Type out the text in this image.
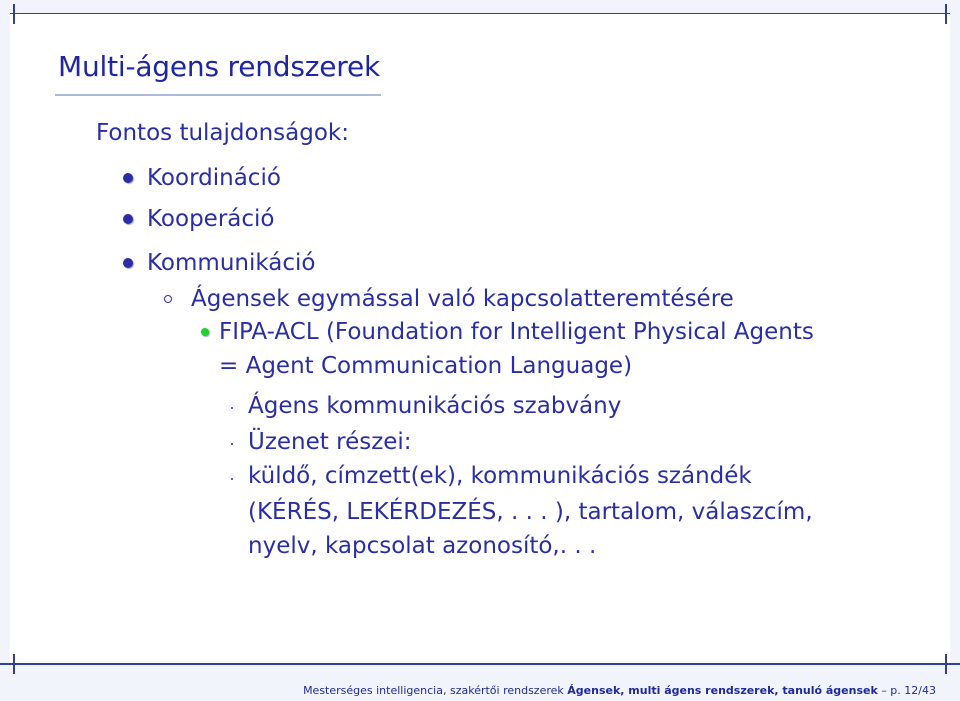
Multi-ágens rendszerek
Fontos tulajdonságok:
Koordináció
Kooperáció
Kommunikáció
Ágensek egymással való kapcsolatteremtésére
FIPA-ACL (Foundation for Intelligent Physical Agents
= Agent Communication Language)
Ágens kommunikációs szabvány
Üzenet részei:
küldő, címzett(ek), kommunikációs szándék
(KÉRÉS, LEKÉRDEZÉS, . . . ), tartalom, válaszcím,
nyelv, kapcsolat azonosító,. . .
Mesterséges intelligencia, szakértői rendszerek Ágensek, multi ágens rendszerek, tanuló ágensek – p. 12/43
